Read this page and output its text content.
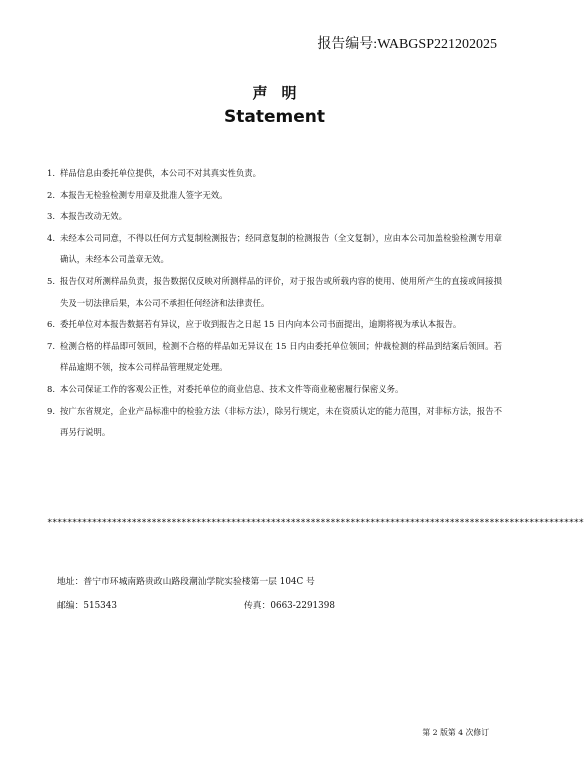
报告编号:WABGSP221202025
声明
Statement
1. 样品信息由委托单位提供，本公司不对其真实性负责。
2. 本报告无检验检测专用章及批准人签字无效。
3. 本报告改动无效。
4. 未经本公司同意，不得以任何方式复制检测报告；经同意复制的检测报告（全文复制），应由本公司加盖检验检测专用章确认，未经本公司盖章无效。
5. 报告仅对所测样品负责，报告数据仅反映对所测样品的评价，对于报告或所载内容的使用、使用所产生的直接或间接损失及一切法律后果，本公司不承担任何经济和法律责任。
6. 委托单位对本报告数据若有异议，应于收到报告之日起 15 日内向本公司书面提出，逾期将视为承认本报告。
7. 检测合格的样品即可领回，检测不合格的样品如无异议在 15 日内由委托单位领回；仲裁检测的样品到结案后领回。若样品逾期不领，按本公司样品管理规定处理。
8. 本公司保证工作的客观公正性，对委托单位的商业信息、技术文件等商业秘密履行保密义务。
9. 按广东省规定，企业产品标准中的检验方法（非标方法），除另行规定，未在资质认定的能力范围，对非标方法，报告不再另行说明。
************************************************************************************************************
地址：普宁市环城南路贵政山路段潮汕学院实验楼第一层 104C 号
邮编：515343	传真：0663-2291398
第 2 版第 4 次修订
